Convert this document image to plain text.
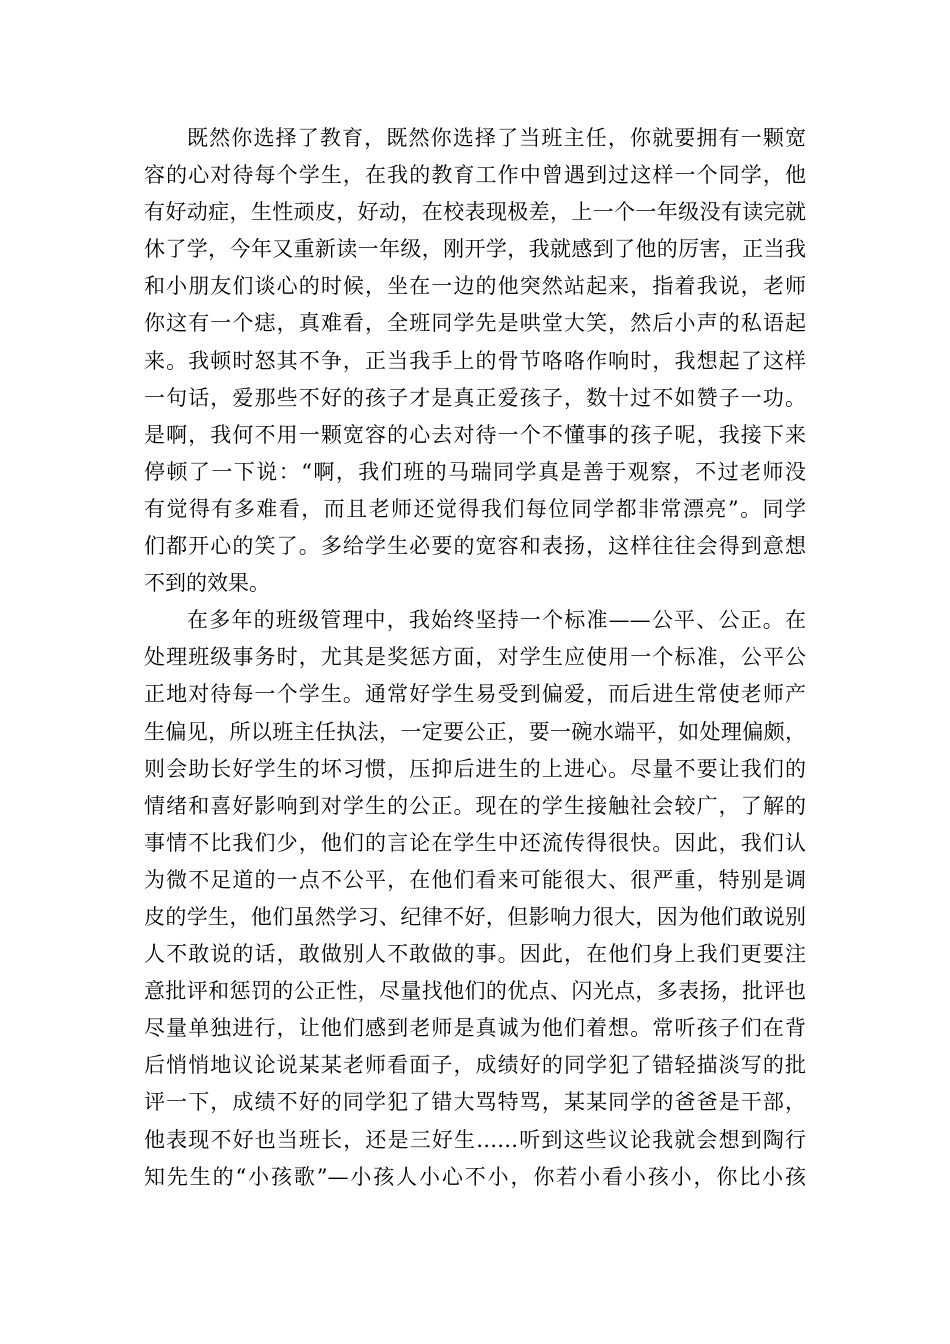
既然你选择了教育，既然你选择了当班主任，你就要拥有一颗宽
容的心对待每个学生，在我的教育工作中曾遇到过这样一个同学，他
有好动症，生性顽皮，好动，在校表现极差，上一个一年级没有读完就
休了学，今年又重新读一年级，刚开学，我就感到了他的厉害，正当我
和小朋友们谈心的时候，坐在一边的他突然站起来，指着我说，老师
你这有一个痣，真难看，全班同学先是哄堂大笑，然后小声的私语起
来。我顿时怒其不争，正当我手上的骨节咯咯作响时，我想起了这样
一句话，爱那些不好的孩子才是真正爱孩子，数十过不如赞子一功。
是啊，我何不用一颗宽容的心去对待一个不懂事的孩子呢，我接下来
停顿了一下说：“啊，我们班的马瑞同学真是善于观察，不过老师没
有觉得有多难看，而且老师还觉得我们每位同学都非常漂亮”。同学
们都开心的笑了。多给学生必要的宽容和表扬，这样往往会得到意想
不到的效果。
在多年的班级管理中，我始终坚持一个标准——公平、公正。在
处理班级事务时，尤其是奖惩方面，对学生应使用一个标准，公平公
正地对待每一个学生。通常好学生易受到偏爱，而后进生常使老师产
生偏见，所以班主任执法，一定要公正，要一碗水端平，如处理偏颇，
则会助长好学生的坏习惯，压抑后进生的上进心。尽量不要让我们的
情绪和喜好影响到对学生的公正。现在的学生接触社会较广，了解的
事情不比我们少，他们的言论在学生中还流传得很快。因此，我们认
为微不足道的一点不公平，在他们看来可能很大、很严重，特别是调
皮的学生，他们虽然学习、纪律不好，但影响力很大，因为他们敢说别
人不敢说的话，敢做别人不敢做的事。因此，在他们身上我们更要注
意批评和惩罚的公正性，尽量找他们的优点、闪光点，多表扬，批评也
尽量单独进行，让他们感到老师是真诚为他们着想。常听孩子们在背
后悄悄地议论说某某老师看面子，成绩好的同学犯了错轻描淡写的批
评一下，成绩不好的同学犯了错大骂特骂，某某同学的爸爸是干部，
他表现不好也当班长，还是三好生……听到这些议论我就会想到陶行
知先生的“小孩歌”—小孩人小心不小，你若小看小孩小，你比小孩
